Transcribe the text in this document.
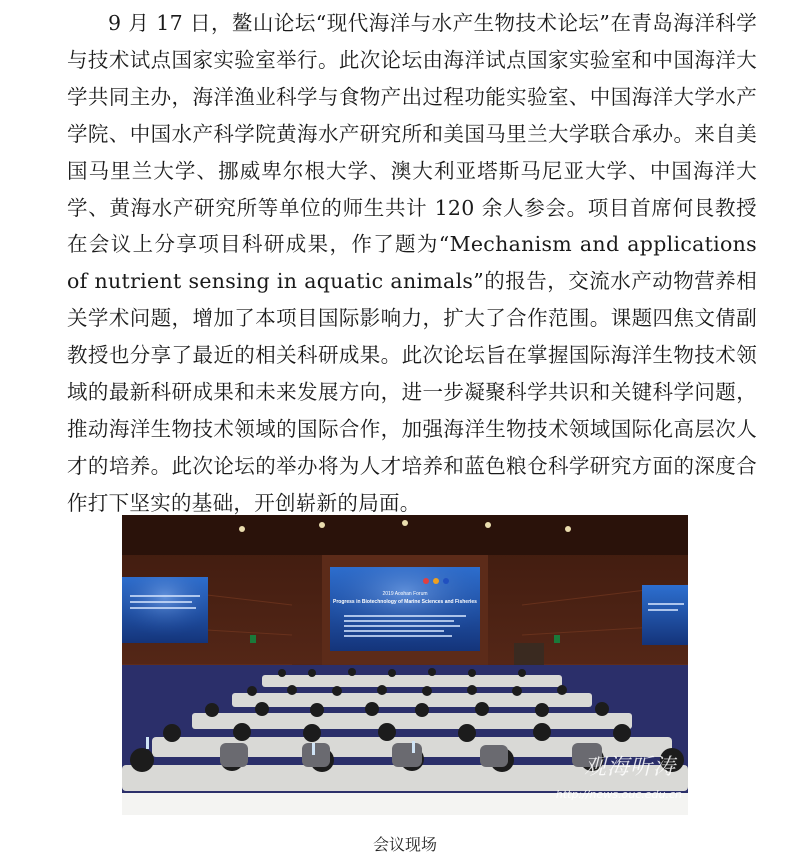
9 月 17 日，鳌山论坛“现代海洋与水产生物技术论坛”在青岛海洋科学与技术试点国家实验室举行。此次论坛由海洋试点国家实验室和中国海洋大学共同主办，海洋渔业科学与食物产出过程功能实验室、中国海洋大学水产学院、中国水产科学院黄海水产研究所和美国马里兰大学联合承办。来自美国马里兰大学、挪威卑尔根大学、澳大利亚塔斯马尼亚大学、中国海洋大学、黄海水产研究所等单位的师生共计 120 余人参会。项目首席何艮教授在会议上分享项目科研成果，作了题为“Mechanism and applications of nutrient sensing in aquatic animals”的报告，交流水产动物营养相关学术问题，增加了本项目国际影响力，扩大了合作范围。课题四焦文倩副教授也分享了最近的相关科研成果。此次论坛旨在掌握国际海洋生物技术领域的最新科研成果和未来发展方向，进一步凝聚科学共识和关键科学问题，推动海洋生物技术领域的国际合作，加强海洋生物技术领域国际化高层次人才的培养。此次论坛的举办将为人才培养和蓝色粮仓科学研究方面的深度合作打下坚实的基础，开创崭新的局面。

2019 Aoshan Forum
Progress in Biotechnology of Marine Sciences and Fisheries
观海听涛
http://news.ouc.edu.cn
会议现场
